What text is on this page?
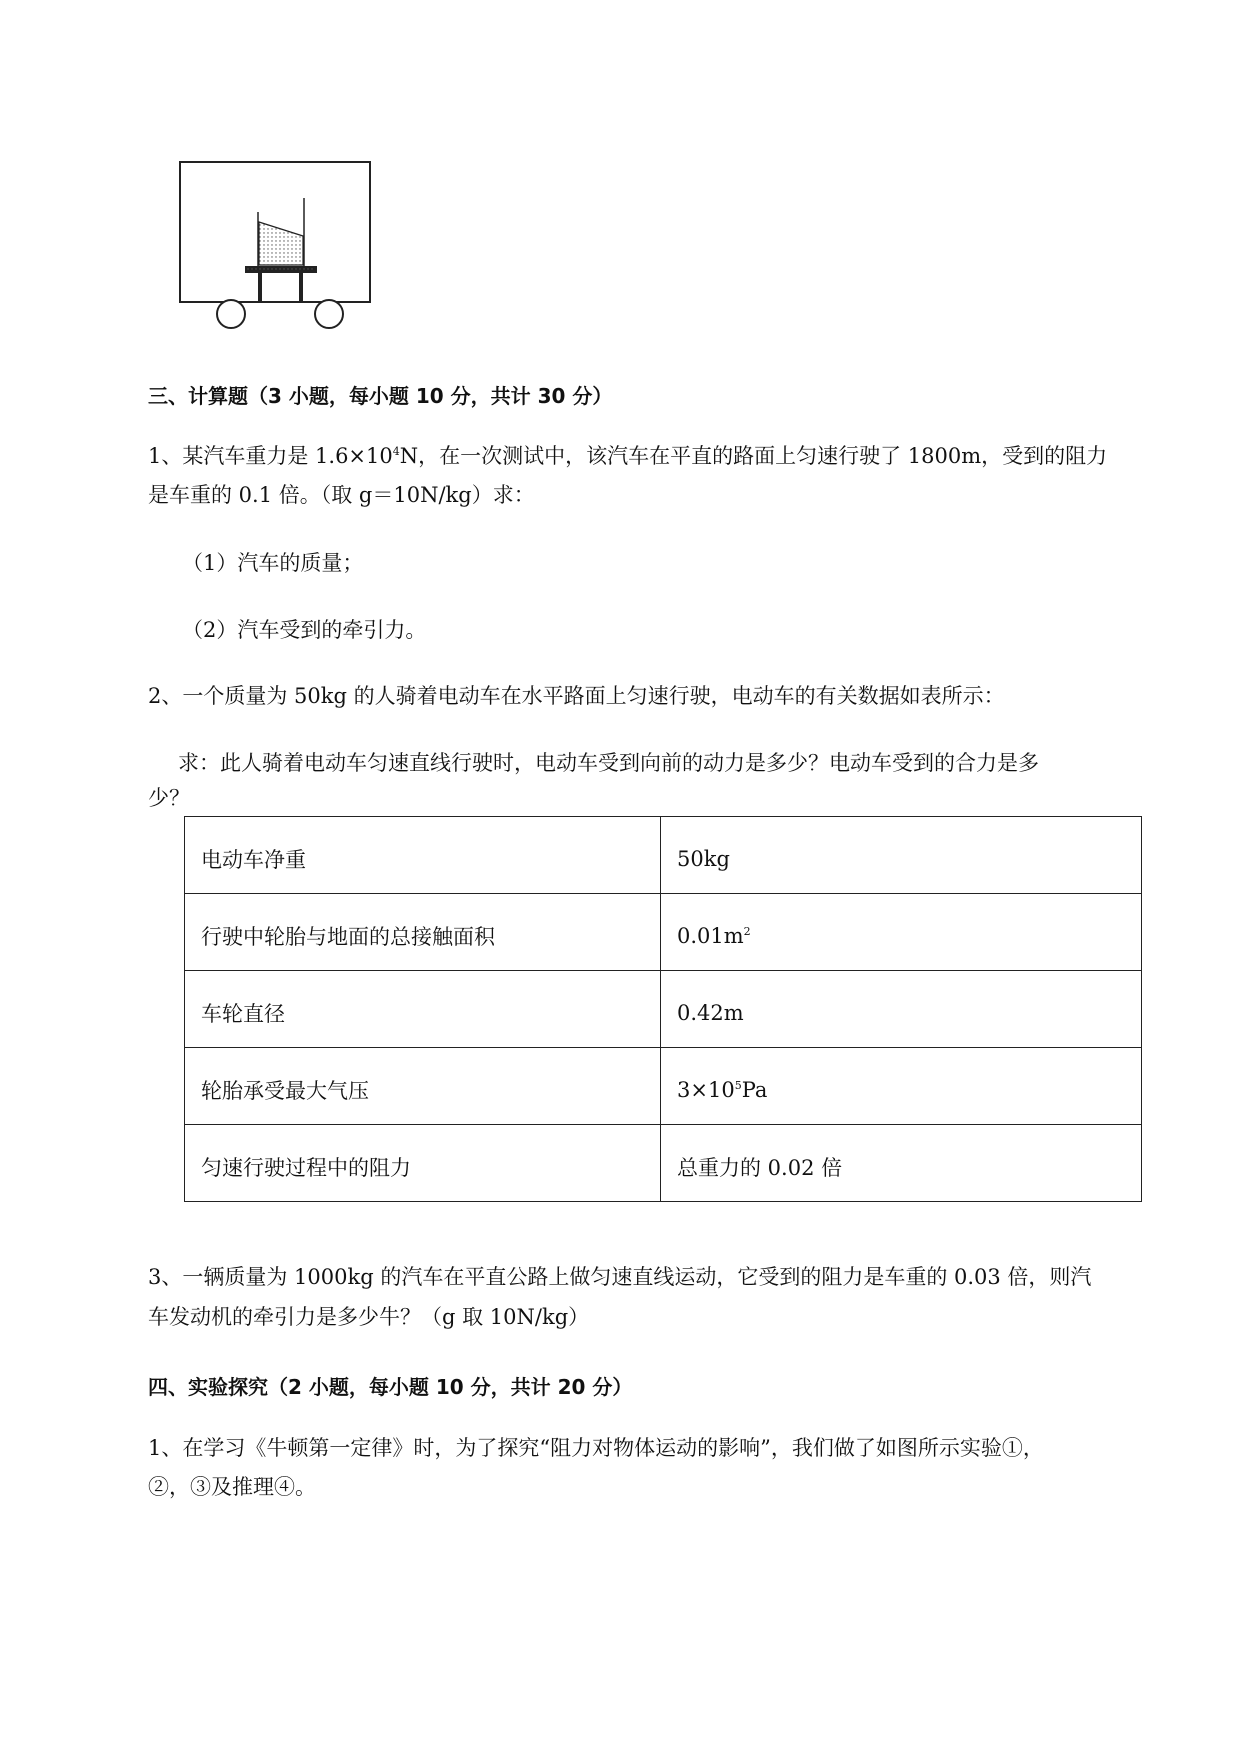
三、计算题（3 小题，每小题 10 分，共计 30 分）
1、某汽车重力是 $1.6\times 10^4N$，在一次测试中，该汽车在平直的路面上匀速行驶了 1800m，受到的阻力
是车重的 0.1 倍。（取 g＝10N/kg）求：
（1）汽车的质量；
（2）汽车受到的牵引力。
2、一个质量为 50kg 的人骑着电动车在水平路面上匀速行驶，电动车的有关数据如表所示：
求：此人骑着电动车匀速直线行驶时，电动车受到向前的动力是多少？电动车受到的合力是多
少？
电动车净重	50kg
行驶中轮胎与地面的总接触面积	$0.01m^2$
车轮直径	0.42m
轮胎承受最大气压	$3\times 10^5Pa$
匀速行驶过程中的阻力	总重力的 0.02 倍
3、一辆质量为 1000kg 的汽车在平直公路上做匀速直线运动，它受到的阻力是车重的 0.03 倍，则汽
车发动机的牵引力是多少牛？（g 取 10N/kg）
四、实验探究（2 小题，每小题 10 分，共计 20 分）
1、在学习《牛顿第一定律》时，为了探究“阻力对物体运动的影响”，我们做了如图所示实验①，
②，③及推理④。
